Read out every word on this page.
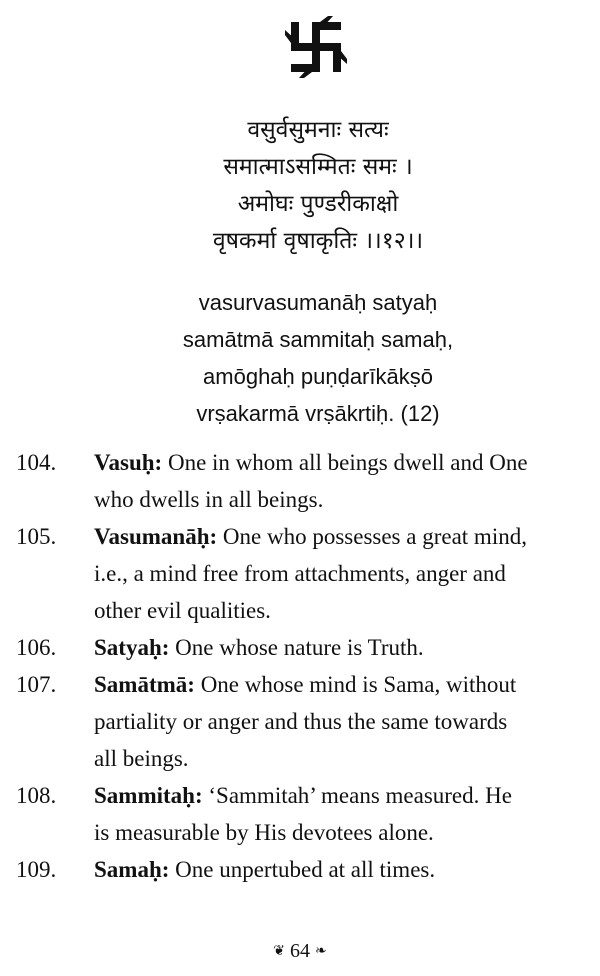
वसुर्वसुमनाः सत्यः
समात्माऽसम्मितः समः ।
अमोघः पुण्डरीकाक्षो
वृषकर्मा वृषाकृतिः ।।१२।।
vasurvasumanāḥ satyaḥ
samātmā sammitaḥ samaḥ,
amōghaḥ puṇḍarīkākṣō
vrṣakarmā vrṣākrtiḥ. (12)
104.	Vasuḥ: One in whom all beings dwell and One
who dwells in all beings.
105.	Vasumanāḥ: One who possesses a great mind,
i.e., a mind free from attachments, anger and
other evil qualities.
106.	Satyaḥ: One whose nature is Truth.
107.	Samātmā: One whose mind is Sama, without
partiality or anger and thus the same towards
all beings.
108.	Sammitaḥ: ‘Sammitah’ means measured. He
is measurable by His devotees alone.
109.	Samaḥ: One unpertubed at all times.
❦ 64 ❧
